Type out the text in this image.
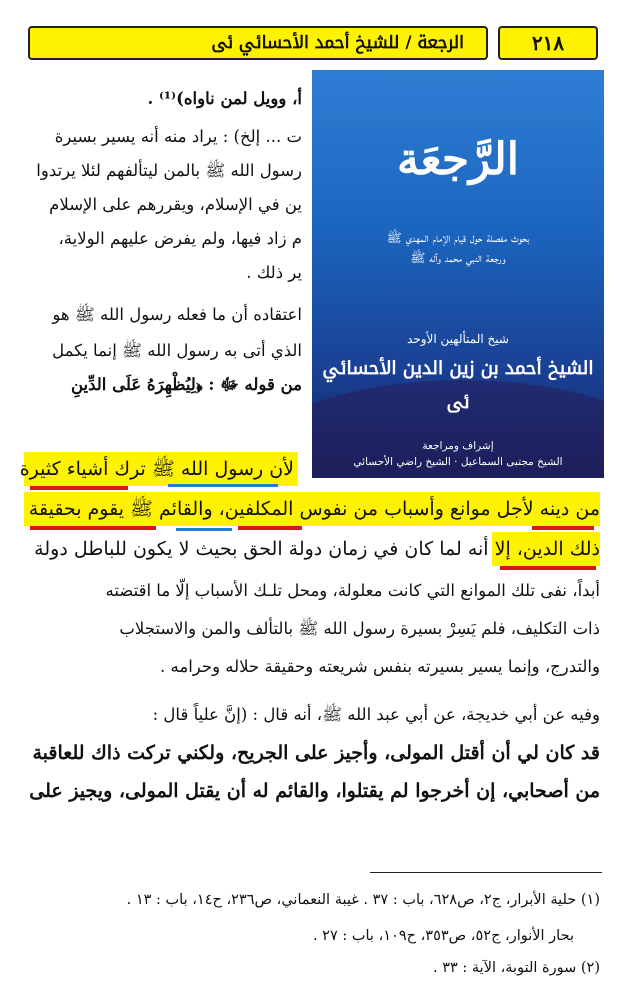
الرجعة / للشيخ أحمد الأحسائي ﯹ	٢١٨
أ، وويل لمن ناواه)⁽¹⁾ .
ت ... إلخ) : يراد منه أنه يسير بسيرة
رسول الله ﷺ بالمن ليتألفهم لئلا يرتدوا
ين في الإسلام، ويقررهم على الإسلام
م زاد فيها، ولم يفرض عليهم الولاية،
ير ذلك .
اعتقاده أن ما فعله رسول الله ﷺ هو
الذي أتى به رسول الله ﷺ إنما يكمل
من قوله ﷻ : ﴿لِيُظْهِرَهُ عَلَى الدِّينِ
لأن رسول الله ﷺ ترك أشياء كثيرة
من دينه لأجل موانع وأسباب من نفوس المكلفين، والقائم ﷺ يقوم بحقيقة
ذلك الدين، إلا أنه لما كان في زمان دولة الحق بحيث لا يكون للباطل دولة
أبداً، نفى تلك الموانع التي كانت معلولة، ومحل تلـك الأسباب إلّا ما اقتضته
ذات التكليف، فلم يَسِرْ بسيرة رسول الله ﷺ بالتألف والمن والاستجلاب
والتدرج، وإنما يسير بسيرته بنفس شريعته وحقيقة حلاله وحرامه .
وفيه عن أبي خديجة، عن أبي عبد الله ﷺ، أنه قال : (إنَّ علياً قال :
قد كان لي أن أقتل المولى، وأجيز على الجريح، ولكني تركت ذاك للعاقبة
من أصحابي، إن أخرجوا لم يقتلوا، والقائم له أن يقتل المولى، ويجيز على
الرَّجعَة
بحوث مفصلة حول قيام الإمام المهدي ﷺ
ورجعة النبي محمد وآله ﷺ
شيخ المتألهين الأوحد
الشيخ أحمد بن زين الدين الأحسائي ﯹ
إشراف ومراجعة
الشيخ مجتبى السماعيل · الشيخ راضي الأحسائي
(١) حلية الأبرار، ج٢، ص٦٢٨، باب : ٣٧ . غيبة النعماني، ص٢٣٦، ح١٤، باب : ١٣ .
بحار الأنوار، ج٥٢، ص٣٥٣، ح١٠٩، باب : ٢٧ .
(٢) سورة التوبة، الآية : ٣٣ .
